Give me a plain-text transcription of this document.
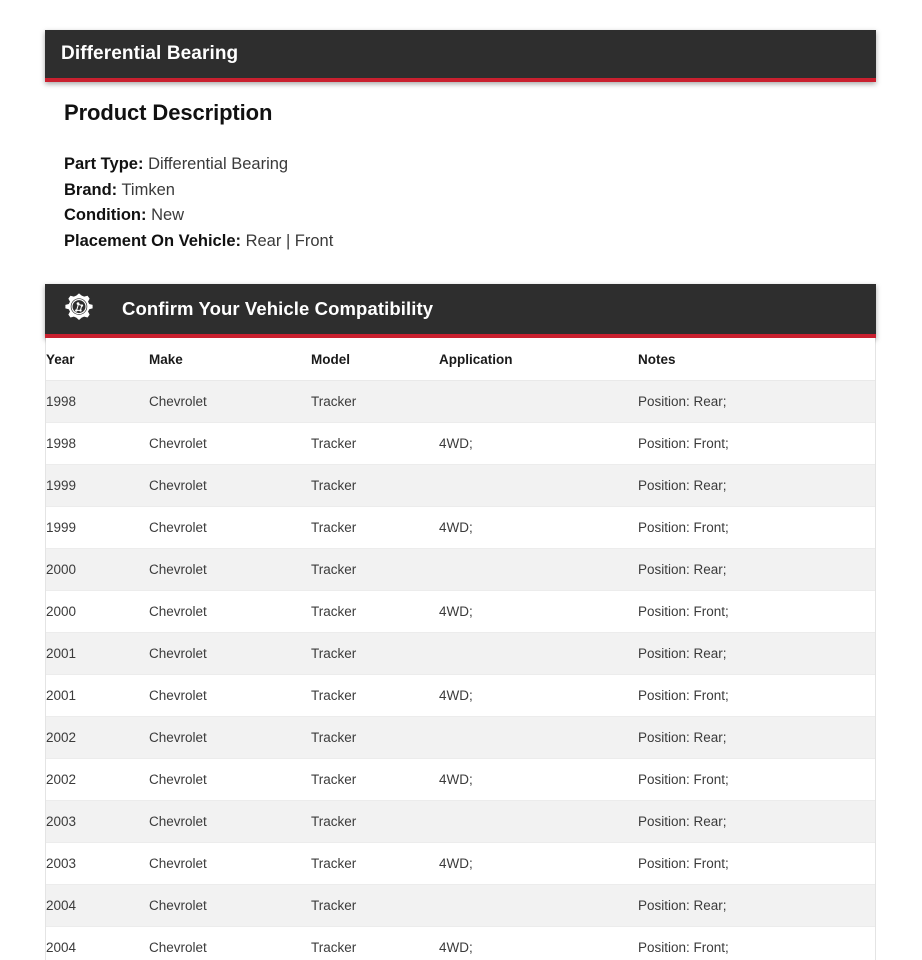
Differential Bearing
Product Description
Part Type: Differential Bearing
Brand: Timken
Condition: New
Placement On Vehicle: Rear | Front
Confirm Your Vehicle Compatibility
Year	Make	Model	Application	Notes
1998	Chevrolet	Tracker		Position: Rear;
1998	Chevrolet	Tracker	4WD;	Position: Front;
1999	Chevrolet	Tracker		Position: Rear;
1999	Chevrolet	Tracker	4WD;	Position: Front;
2000	Chevrolet	Tracker		Position: Rear;
2000	Chevrolet	Tracker	4WD;	Position: Front;
2001	Chevrolet	Tracker		Position: Rear;
2001	Chevrolet	Tracker	4WD;	Position: Front;
2002	Chevrolet	Tracker		Position: Rear;
2002	Chevrolet	Tracker	4WD;	Position: Front;
2003	Chevrolet	Tracker		Position: Rear;
2003	Chevrolet	Tracker	4WD;	Position: Front;
2004	Chevrolet	Tracker		Position: Rear;
2004	Chevrolet	Tracker	4WD;	Position: Front;
